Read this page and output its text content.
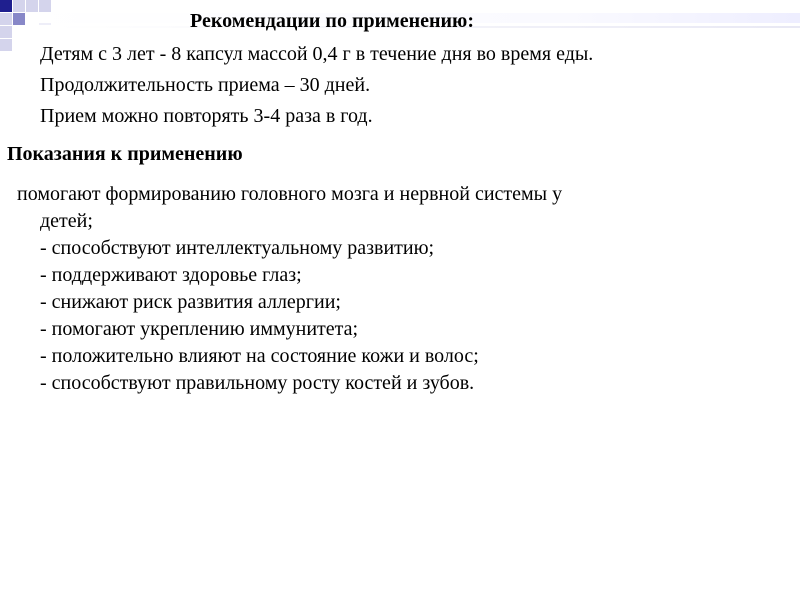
Рекомендации по применению:
Детям с 3 лет - 8 капсул массой 0,4 г в течение дня во время еды.
Продолжительность приема – 30 дней.
Прием можно повторять 3-4 раза в год.
Показания к применению
помогают формированию головного мозга и нервной системы у
детей;
- способствуют интеллектуальному развитию;
- поддерживают здоровье глаз;
- снижают риск развития аллергии;
- помогают укреплению иммунитета;
- положительно влияют на состояние кожи и волос;
- способствуют правильному росту костей и зубов.
